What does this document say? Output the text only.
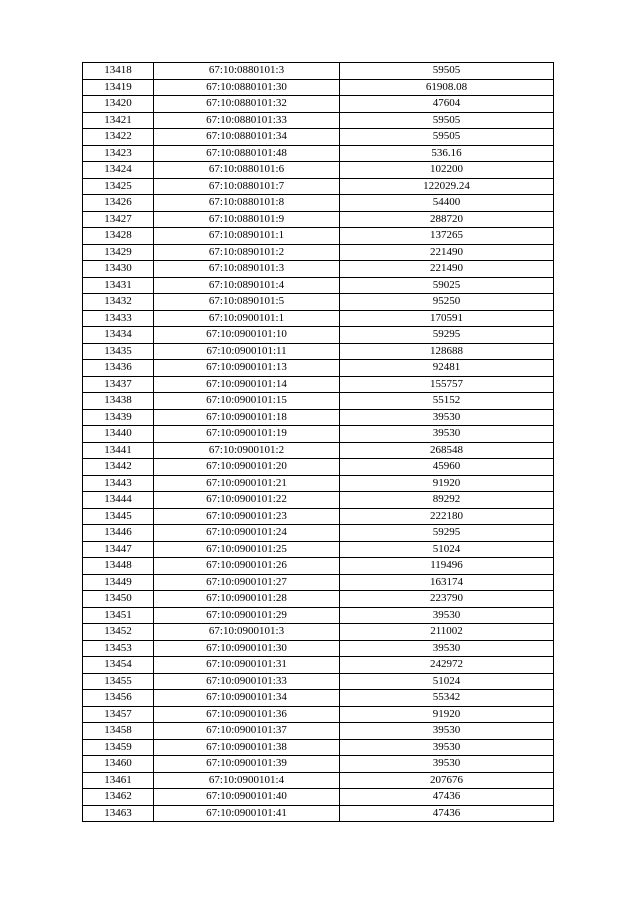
13418	67:10:0880101:3	59505
13419	67:10:0880101:30	61908.08
13420	67:10:0880101:32	47604
13421	67:10:0880101:33	59505
13422	67:10:0880101:34	59505
13423	67:10:0880101:48	536.16
13424	67:10:0880101:6	102200
13425	67:10:0880101:7	122029.24
13426	67:10:0880101:8	54400
13427	67:10:0880101:9	288720
13428	67:10:0890101:1	137265
13429	67:10:0890101:2	221490
13430	67:10:0890101:3	221490
13431	67:10:0890101:4	59025
13432	67:10:0890101:5	95250
13433	67:10:0900101:1	170591
13434	67:10:0900101:10	59295
13435	67:10:0900101:11	128688
13436	67:10:0900101:13	92481
13437	67:10:0900101:14	155757
13438	67:10:0900101:15	55152
13439	67:10:0900101:18	39530
13440	67:10:0900101:19	39530
13441	67:10:0900101:2	268548
13442	67:10:0900101:20	45960
13443	67:10:0900101:21	91920
13444	67:10:0900101:22	89292
13445	67:10:0900101:23	222180
13446	67:10:0900101:24	59295
13447	67:10:0900101:25	51024
13448	67:10:0900101:26	119496
13449	67:10:0900101:27	163174
13450	67:10:0900101:28	223790
13451	67:10:0900101:29	39530
13452	67:10:0900101:3	211002
13453	67:10:0900101:30	39530
13454	67:10:0900101:31	242972
13455	67:10:0900101:33	51024
13456	67:10:0900101:34	55342
13457	67:10:0900101:36	91920
13458	67:10:0900101:37	39530
13459	67:10:0900101:38	39530
13460	67:10:0900101:39	39530
13461	67:10:0900101:4	207676
13462	67:10:0900101:40	47436
13463	67:10:0900101:41	47436
